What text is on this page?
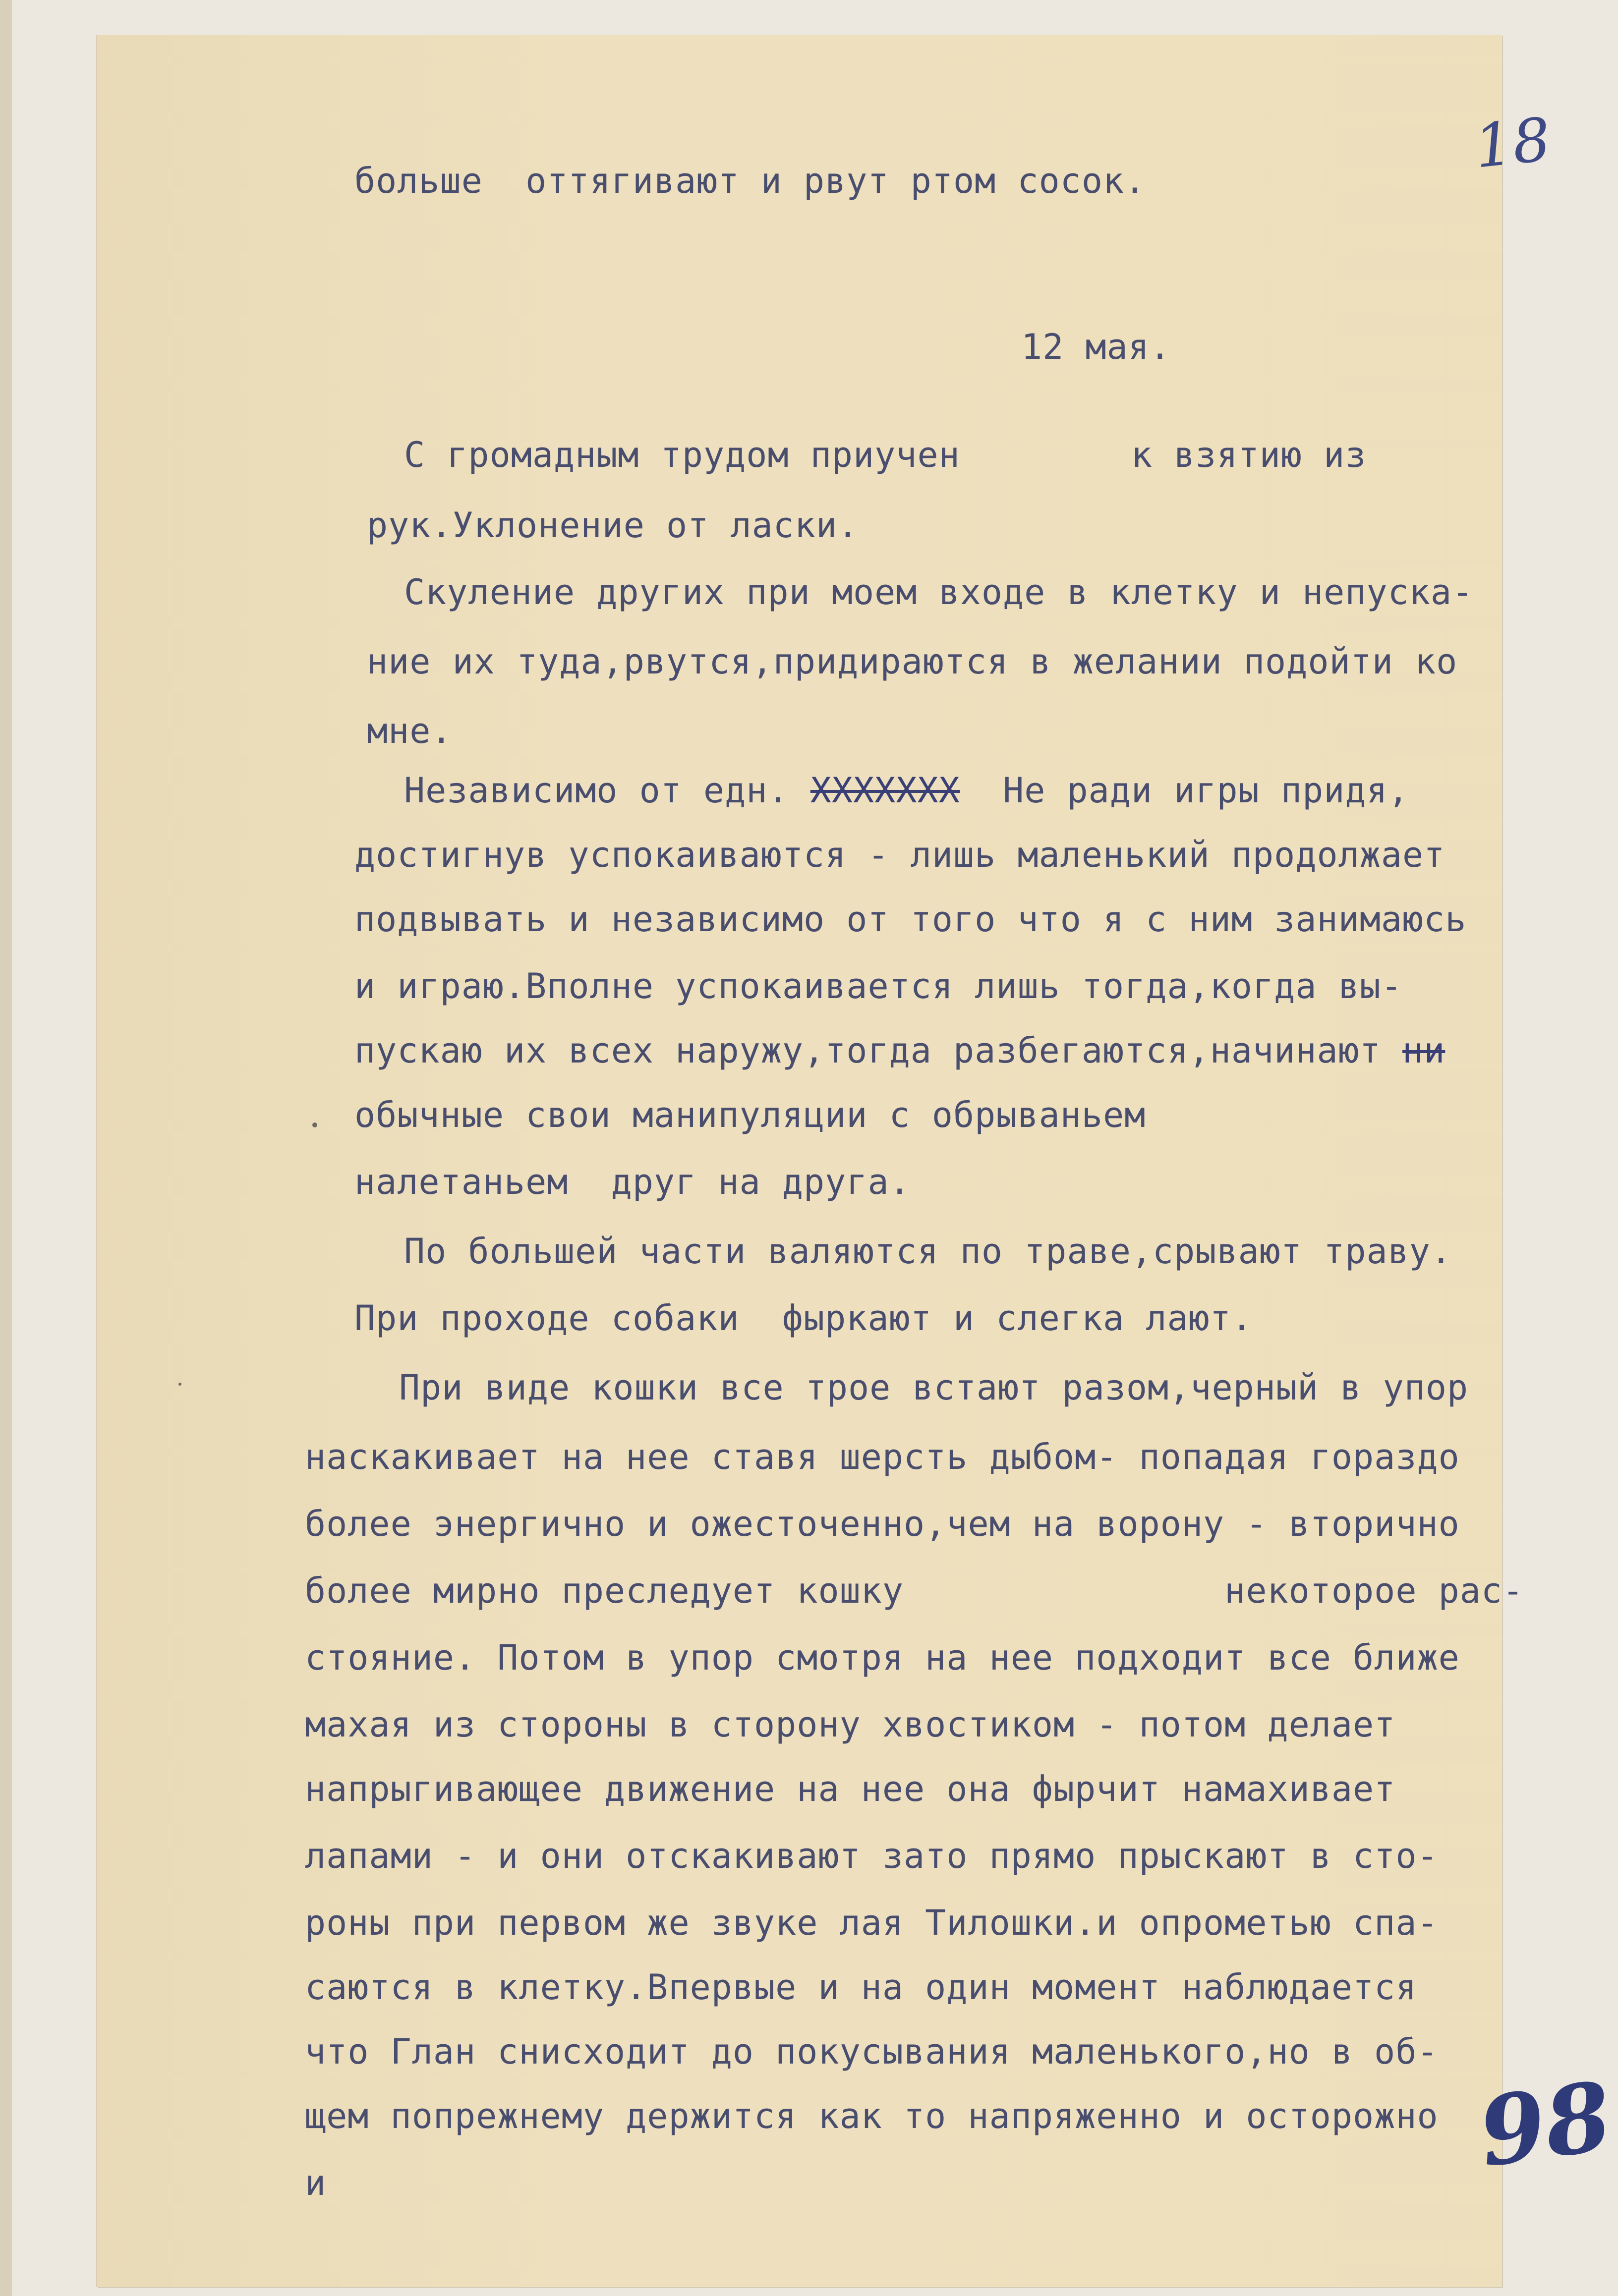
18
больше  оттягивают и рвут ртом сосок.
12 мая.
С громадным трудом приучен        к взятию из
рук.Уклонение от ласки.
Скуление других при моем входе в клетку и непуска-
ние их туда,рвутся,придираются в желании подойти ко
мне.
Независимо от едн. XXXXXXX Не ради игры придя,
достигнув успокаиваются - лишь маленький продолжает
подвывать и независимо от того что я с ним занимаюсь
и играю.Вполне успокаивается лишь тогда,когда вы-
пускаю их всех наружу,тогда разбегаются,начинают ни
обычные свои манипуляции с обрываньем
налетаньем  друг на друга.
По большей части валяются по траве,срывают траву.
При проходе собаки  фыркают и слегка лают.
При виде кошки все трое встают разом,черный в упор
наскакивает на нее ставя шерсть дыбом- попадая гораздо
более энергично и ожесточенно,чем на ворону - вторично
более мирно преследует кошку               некоторое рас-
стояние. Потом в упор смотря на нее подходит все ближе
махая из стороны в сторону хвостиком - потом делает
напрыгивающее движение на нее она фырчит намахивает
лапами - и они отскакивают зато прямо прыскают в сто-
роны при первом же звуке лая Тилошки.и опрометью спа-
саются в клетку.Впервые и на один момент наблюдается
что Глан снисходит до покусывания маленького,но в об-
щем попрежнему держится как то напряженно и осторожно
и	98
